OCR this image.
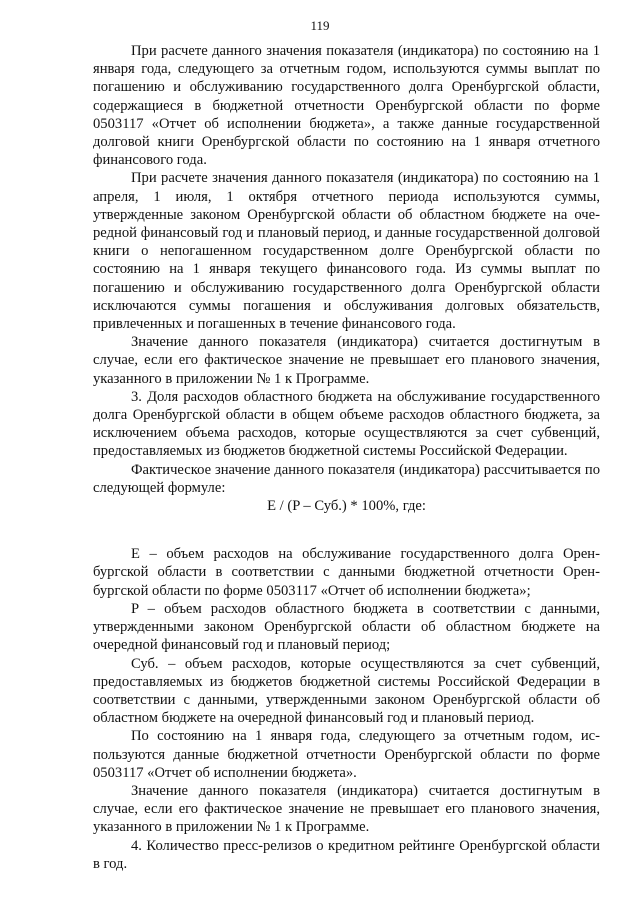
119

При расчете данного значения показателя (индикатора) по состоянию на 1 января года, следующего за отчетным годом, используются суммы выплат по погашению и обслуживанию государственного долга Оренбургской области, содержащиеся в бюджетной отчетности Оренбургской области по форме 0503117 «Отчет об исполнении бюджета», а также данные государственной долговой книги Оренбургской области по состоянию на 1 января отчетного финансового года.

При расчете значения данного показателя (индикатора) по состоянию на 1 апреля, 1 июля, 1 октября отчетного периода используются суммы, утвержденные законом Оренбургской области об областном бюджете на очередной финансовый год и плановый период, и данные государственной долговой книги о непогашенном государственном долге Оренбургской области по состоянию на 1 января текущего финансового года. Из суммы выплат по погашению и обслуживанию государственного долга Оренбургской области исключаются суммы погашения и обслуживания долговых обязательств, привлеченных и погашенных в течение финансового года.

Значение данного показателя (индикатора) считается достигнутым в случае, если его фактическое значение не превышает его планового значения, указанного в приложении № 1 к Программе.

3. Доля расходов областного бюджета на обслуживание государственного долга Оренбургской области в общем объеме расходов областного бюджета, за исключением объема расходов, которые осуществляются за счет субвенций, предоставляемых из бюджетов бюджетной системы Российской Федерации.

Фактическое значение данного показателя (индикатора) рассчитывается по следующей формуле:

E / (P – Суб.) * 100%, где:

E – объем расходов на обслуживание государственного долга Оренбургской области в соответствии с данными бюджетной отчетности Оренбургской области по форме 0503117 «Отчет об исполнении бюджета»;

P – объем расходов областного бюджета в соответствии с данными, утвержденными законом Оренбургской области об областном бюджете на очередной финансовый год и плановый период;

Суб. – объем расходов, которые осуществляются за счет субвенций, предоставляемых из бюджетов бюджетной системы Российской Федерации в соответствии с данными, утвержденными законом Оренбургской области об областном бюджете на очередной финансовый год и плановый период.

По состоянию на 1 января года, следующего за отчетным годом, используются данные бюджетной отчетности Оренбургской области по форме 0503117 «Отчет об исполнении бюджета».

Значение данного показателя (индикатора) считается достигнутым в случае, если его фактическое значение не превышает его планового значения, указанного в приложении № 1 к Программе.

4. Количество пресс-релизов о кредитном рейтинге Оренбургской области в год.
